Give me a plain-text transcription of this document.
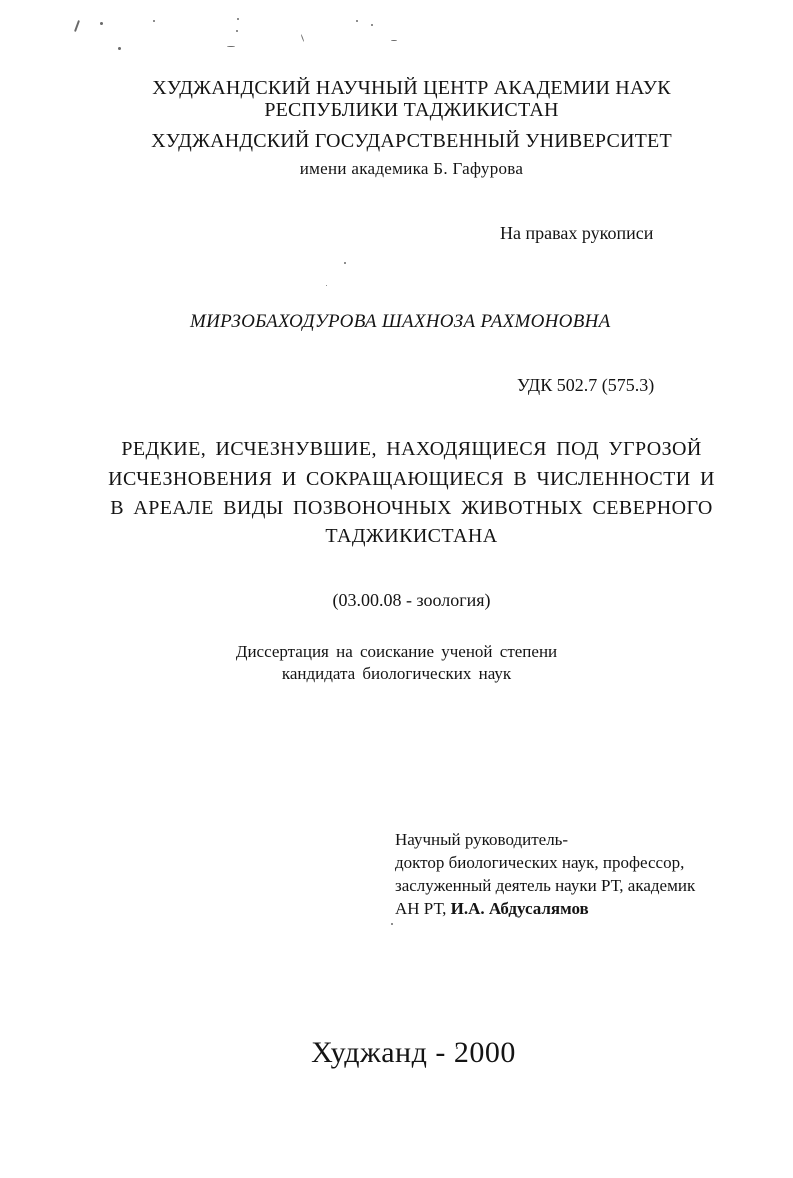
ХУДЖАНДСКИЙ НАУЧНЫЙ ЦЕНТР АКАДЕМИИ НАУК
РЕСПУБЛИКИ ТАДЖИКИСТАН
ХУДЖАНДСКИЙ ГОСУДАРСТВЕННЫЙ УНИВЕРСИТЕТ
имени академика Б. Гафурова
На правах рукописи
МИРЗОБАХОДУРОВА ШАХНОЗА РАХМОНОВНА
УДК 502.7 (575.3)
РЕДКИЕ, ИСЧЕЗНУВШИЕ, НАХОДЯЩИЕСЯ ПОД УГРОЗОЙ
ИСЧЕЗНОВЕНИЯ И СОКРАЩАЮЩИЕСЯ В ЧИСЛЕННОСТИ И
В АРЕАЛЕ ВИДЫ ПОЗВОНОЧНЫХ ЖИВОТНЫХ СЕВЕРНОГО
ТАДЖИКИСТАНА
(03.00.08 - зоология)
Диссертация на соискание ученой степени
кандидата биологических наук
Научный руководитель-
доктор биологических наук, профессор,
заслуженный деятель науки РТ, академик
АН РТ, И.А. Абдусалямов
Худжанд - 2000
